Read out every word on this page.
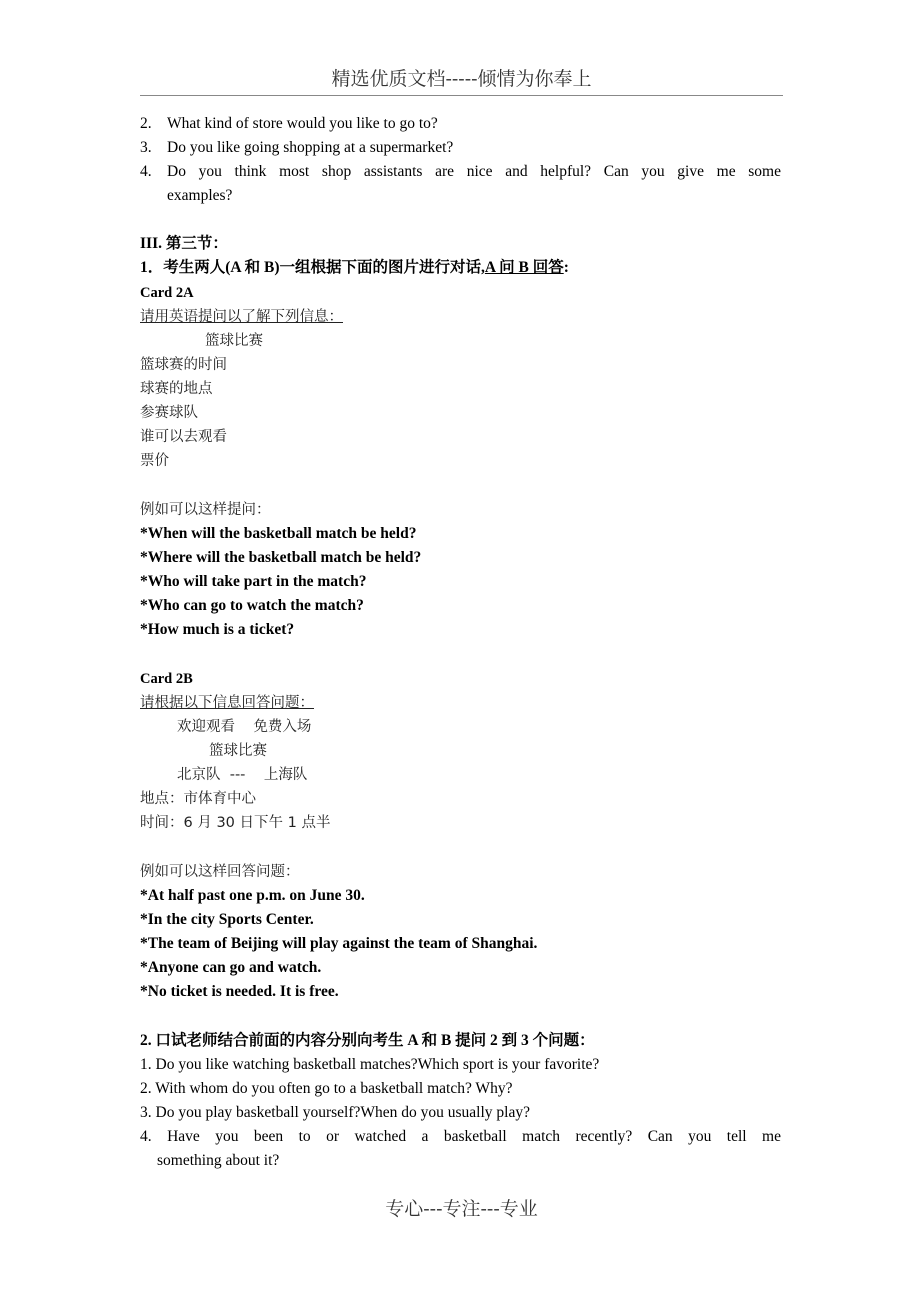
精选优质文档-----倾情为你奉上
2. What kind of store would you like to go to?
3. Do you like going shopping at a supermarket?
4. Do you think most shop assistants are nice and helpful? Can you give me some
examples?
III. 第三节：
1．考生两人(A 和 B)一组根据下面的图片进行对话,A 问 B 回答:
Card 2A
请用英语提问以了解下列信息：
篮球比赛
篮球赛的时间
球赛的地点
参赛球队
谁可以去观看
票价
例如可以这样提问：
*When will the basketball match be held?
*Where will the basketball match be held?
*Who will take part in the match?
*Who can go to watch the match?
*How much is a ticket?
Card 2B
请根据以下信息回答问题：
欢迎观看    免费入场
篮球比赛
北京队  ---    上海队
地点：市体育中心
时间：6 月 30 日下午 1 点半
例如可以这样回答问题：
*At half past one p.m. on June 30.
*In the city Sports Center.
*The team of Beijing will play against the team of Shanghai.
*Anyone can go and watch.
*No ticket is needed. It is free.
2. 口试老师结合前面的内容分别向考生 A 和 B 提问 2 到 3 个问题：
1. Do you like watching basketball matches?Which sport is your favorite?
2. With whom do you often go to a basketball match? Why?
3. Do you play basketball yourself?When do you usually play?
4. Have you been to or watched a basketball match recently? Can you tell me
something about it?
专心---专注---专业
